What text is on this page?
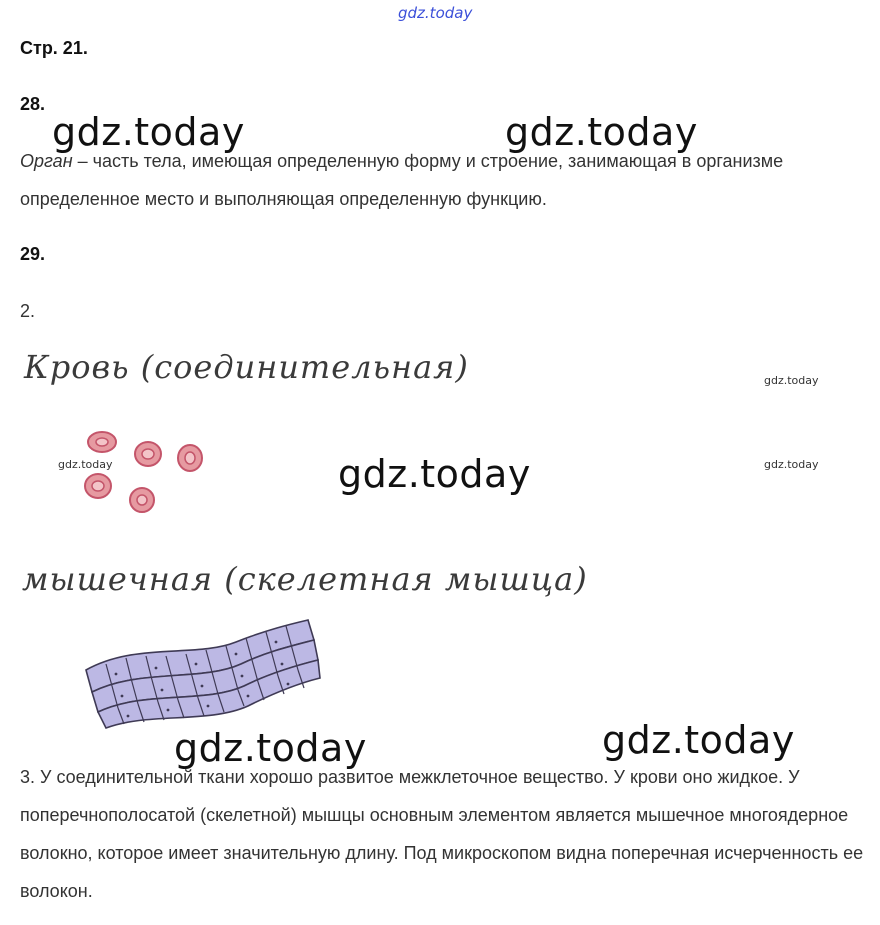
gdz.today
Стр. 21.
28.
gdz.today	gdz.today
Орган – часть тела, имеющая определенную форму и строение, занимающая в организме определенное место и выполняющая определенную функцию.
29.
2.
Кровь (соединительная)	gdz.today
gdz.today
gdz.today	gdz.today
мышечная (скелетная мышца)
gdz.today	gdz.today
3. У соединительной ткани хорошо развитое межклеточное вещество. У крови оно жидкое. У поперечнополосатой (скелетной) мышцы основным элементом является мышечное многоядерное волокно, которое имеет значительную длину. Под микроскопом видна поперечная исчерченность ее волокон.
